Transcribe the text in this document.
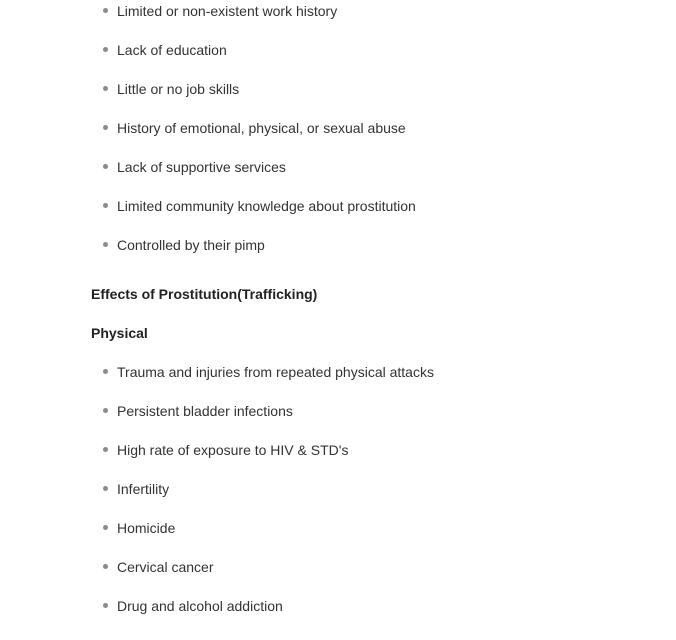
Limited or non-existent work history
Lack of education
Little or no job skills
History of emotional, physical, or sexual abuse
Lack of supportive services
Limited community knowledge about prostitution
Controlled by their pimp
Effects of Prostitution(Trafficking)
Physical
Trauma and injuries from repeated physical attacks
Persistent bladder infections
High rate of exposure to HIV & STD's
Infertility
Homicide
Cervical cancer
Drug and alcohol addiction
